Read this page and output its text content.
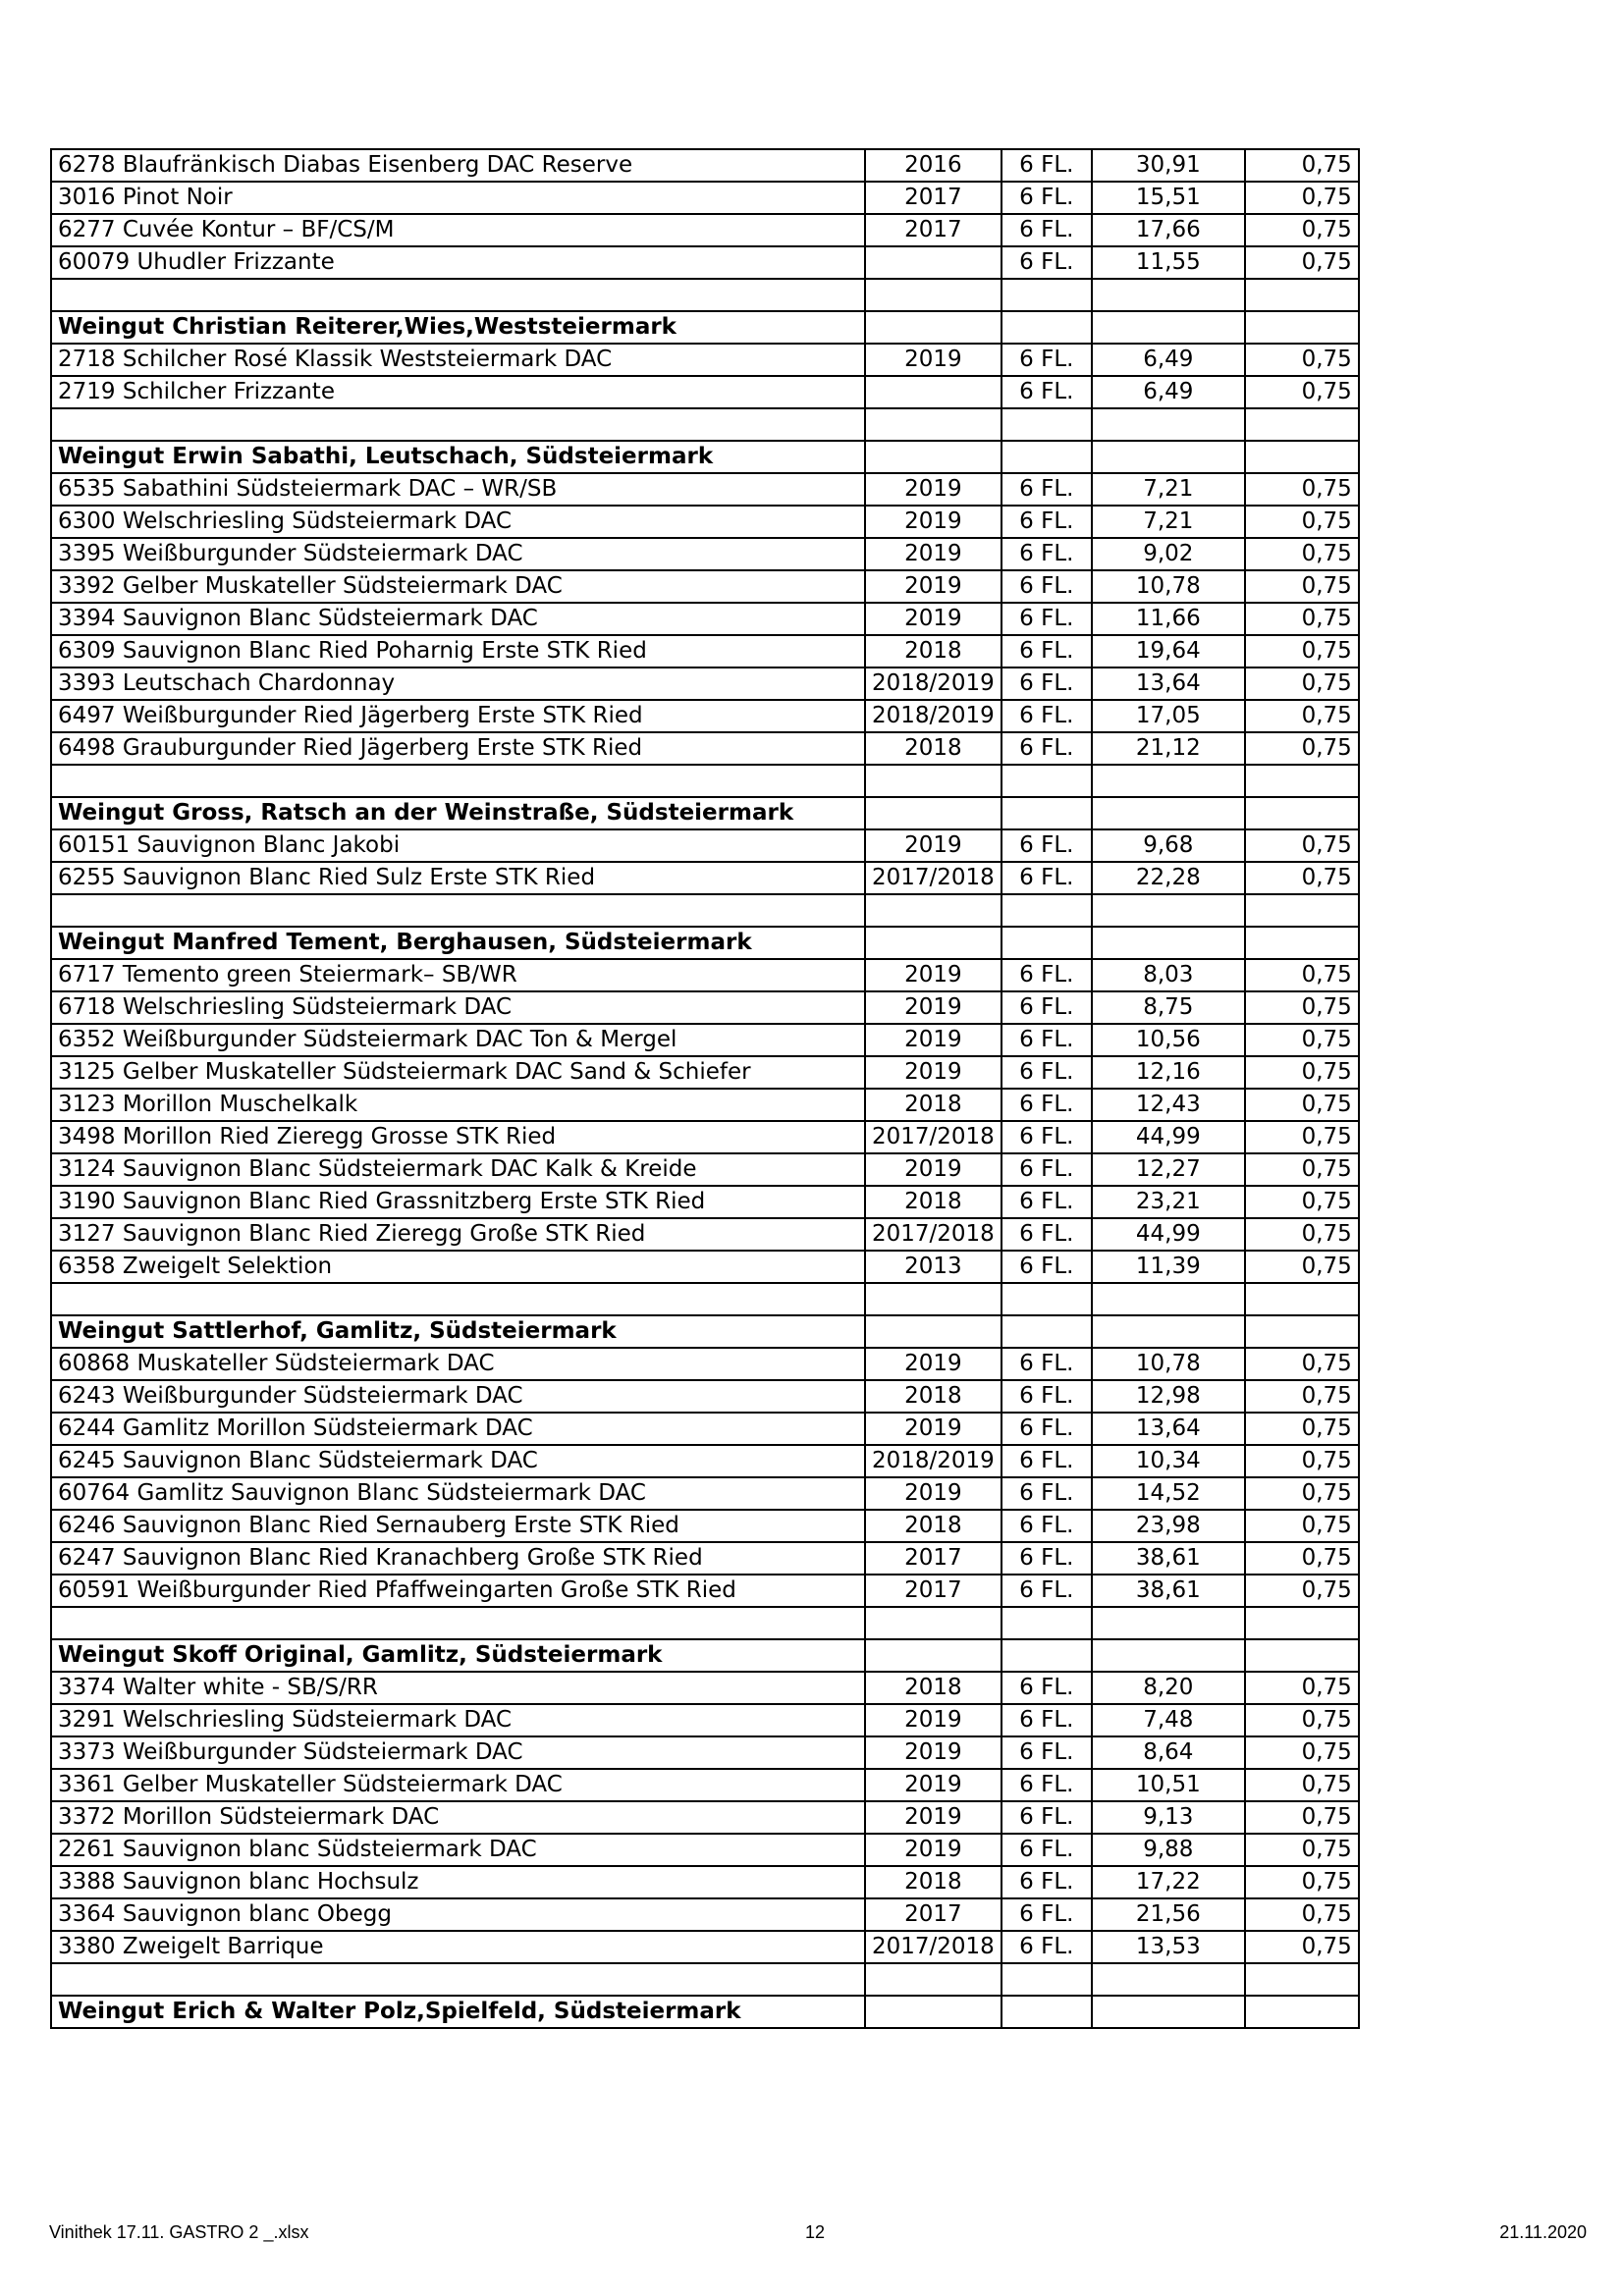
6278 Blaufränkisch Diabas Eisenberg DAC Reserve	2016	6 FL.	30,91	0,75
3016 Pinot Noir	2017	6 FL.	15,51	0,75
6277 Cuvée Kontur – BF/CS/M	2017	6 FL.	17,66	0,75
60079 Uhudler Frizzante		6 FL.	11,55	0,75

Weingut Christian Reiterer,Wies,Weststeiermark				
2718 Schilcher Rosé Klassik Weststeiermark DAC	2019	6 FL.	6,49	0,75
2719 Schilcher Frizzante		6 FL.	6,49	0,75

Weingut Erwin Sabathi, Leutschach, Südsteiermark				
6535 Sabathini Südsteiermark DAC – WR/SB	2019	6 FL.	7,21	0,75
6300 Welschriesling Südsteiermark DAC	2019	6 FL.	7,21	0,75
3395 Weißburgunder Südsteiermark DAC	2019	6 FL.	9,02	0,75
3392 Gelber Muskateller Südsteiermark DAC	2019	6 FL.	10,78	0,75
3394 Sauvignon Blanc Südsteiermark DAC	2019	6 FL.	11,66	0,75
6309 Sauvignon Blanc Ried Poharnig Erste STK Ried	2018	6 FL.	19,64	0,75
3393 Leutschach Chardonnay	2018/2019	6 FL.	13,64	0,75
6497 Weißburgunder Ried Jägerberg Erste STK Ried	2018/2019	6 FL.	17,05	0,75
6498 Grauburgunder Ried Jägerberg Erste STK Ried	2018	6 FL.	21,12	0,75

Weingut Gross, Ratsch an der Weinstraße, Südsteiermark				
60151 Sauvignon Blanc Jakobi	2019	6 FL.	9,68	0,75
6255 Sauvignon Blanc Ried Sulz Erste STK Ried	2017/2018	6 FL.	22,28	0,75

Weingut Manfred Tement, Berghausen, Südsteiermark				
6717 Temento green Steiermark– SB/WR	2019	6 FL.	8,03	0,75
6718 Welschriesling Südsteiermark DAC	2019	6 FL.	8,75	0,75
6352 Weißburgunder Südsteiermark DAC Ton & Mergel	2019	6 FL.	10,56	0,75
3125 Gelber Muskateller Südsteiermark DAC Sand & Schiefer	2019	6 FL.	12,16	0,75
3123 Morillon Muschelkalk	2018	6 FL.	12,43	0,75
3498 Morillon Ried Zieregg Grosse STK Ried	2017/2018	6 FL.	44,99	0,75
3124 Sauvignon Blanc Südsteiermark DAC Kalk & Kreide	2019	6 FL.	12,27	0,75
3190 Sauvignon Blanc Ried Grassnitzberg Erste STK Ried	2018	6 FL.	23,21	0,75
3127 Sauvignon Blanc Ried Zieregg Große STK Ried	2017/2018	6 FL.	44,99	0,75
6358 Zweigelt Selektion	2013	6 FL.	11,39	0,75

Weingut Sattlerhof, Gamlitz, Südsteiermark				
60868 Muskateller Südsteiermark DAC	2019	6 FL.	10,78	0,75
6243 Weißburgunder Südsteiermark DAC	2018	6 FL.	12,98	0,75
6244 Gamlitz Morillon Südsteiermark DAC	2019	6 FL.	13,64	0,75
6245 Sauvignon Blanc Südsteiermark DAC	2018/2019	6 FL.	10,34	0,75
60764 Gamlitz Sauvignon Blanc Südsteiermark DAC	2019	6 FL.	14,52	0,75
6246 Sauvignon Blanc Ried Sernauberg Erste STK Ried	2018	6 FL.	23,98	0,75
6247 Sauvignon Blanc Ried Kranachberg Große STK Ried	2017	6 FL.	38,61	0,75
60591 Weißburgunder Ried Pfaffweingarten Große STK Ried	2017	6 FL.	38,61	0,75

Weingut Skoff Original, Gamlitz, Südsteiermark				
3374 Walter white - SB/S/RR	2018	6 FL.	8,20	0,75
3291 Welschriesling Südsteiermark DAC	2019	6 FL.	7,48	0,75
3373 Weißburgunder Südsteiermark DAC	2019	6 FL.	8,64	0,75
3361 Gelber Muskateller Südsteiermark DAC	2019	6 FL.	10,51	0,75
3372 Morillon Südsteiermark DAC	2019	6 FL.	9,13	0,75
2261 Sauvignon blanc Südsteiermark DAC	2019	6 FL.	9,88	0,75
3388 Sauvignon blanc Hochsulz	2018	6 FL.	17,22	0,75
3364 Sauvignon blanc Obegg	2017	6 FL.	21,56	0,75
3380 Zweigelt Barrique	2017/2018	6 FL.	13,53	0,75

Weingut Erich & Walter Polz,Spielfeld, Südsteiermark				
Vinithek 17.11. GASTRO 2 _.xlsx	12	21.11.2020
